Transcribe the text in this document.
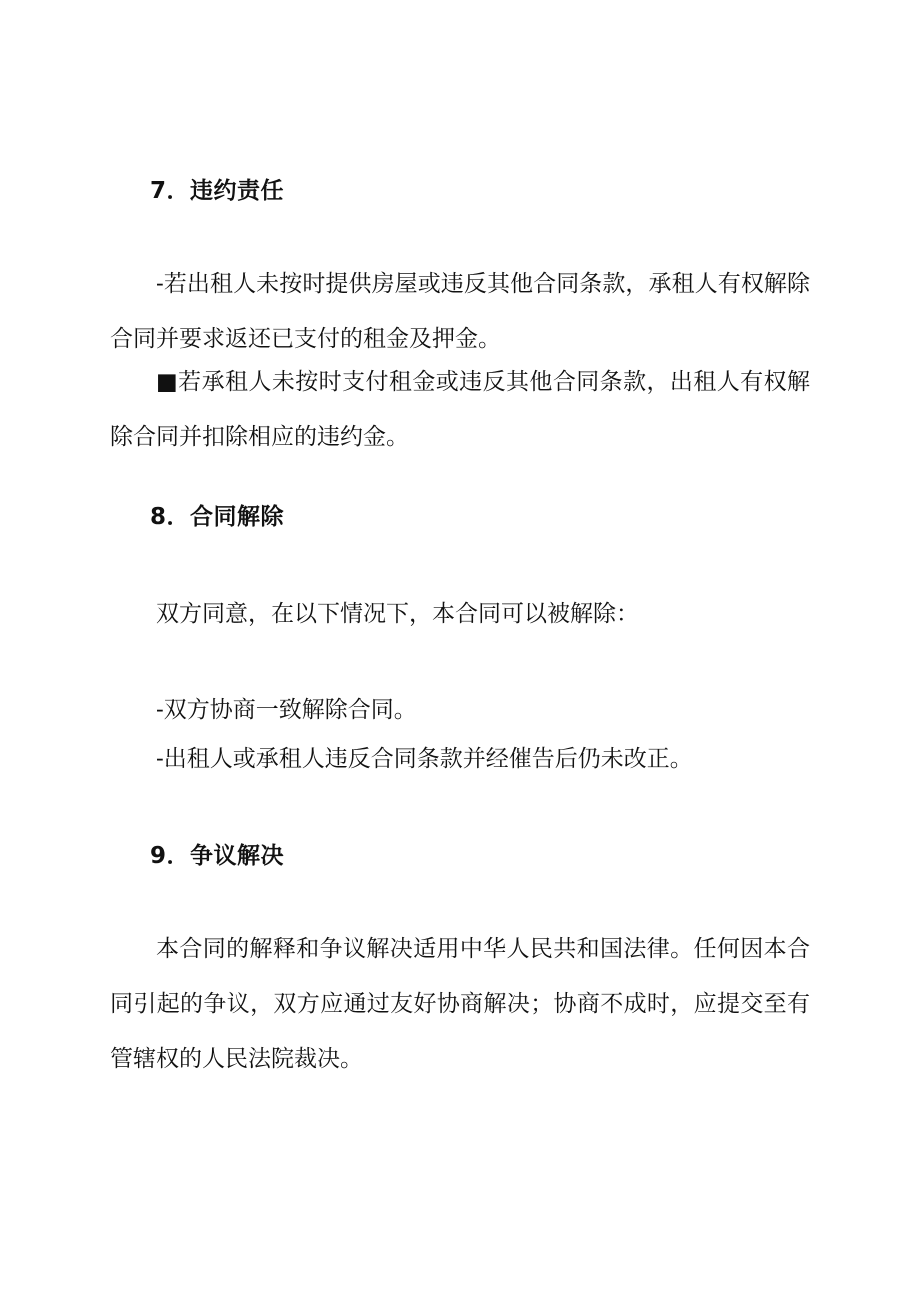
7．违约责任
-若出租人未按时提供房屋或违反其他合同条款，承租人有权解除合同并要求返还已支付的租金及押金。
■若承租人未按时支付租金或违反其他合同条款，出租人有权解除合同并扣除相应的违约金。
8．合同解除
双方同意，在以下情况下，本合同可以被解除：
-双方协商一致解除合同。
-出租人或承租人违反合同条款并经催告后仍未改正。
9．争议解决
本合同的解释和争议解决适用中华人民共和国法律。任何因本合同引起的争议，双方应通过友好协商解决；协商不成时，应提交至有管辖权的人民法院裁决。
